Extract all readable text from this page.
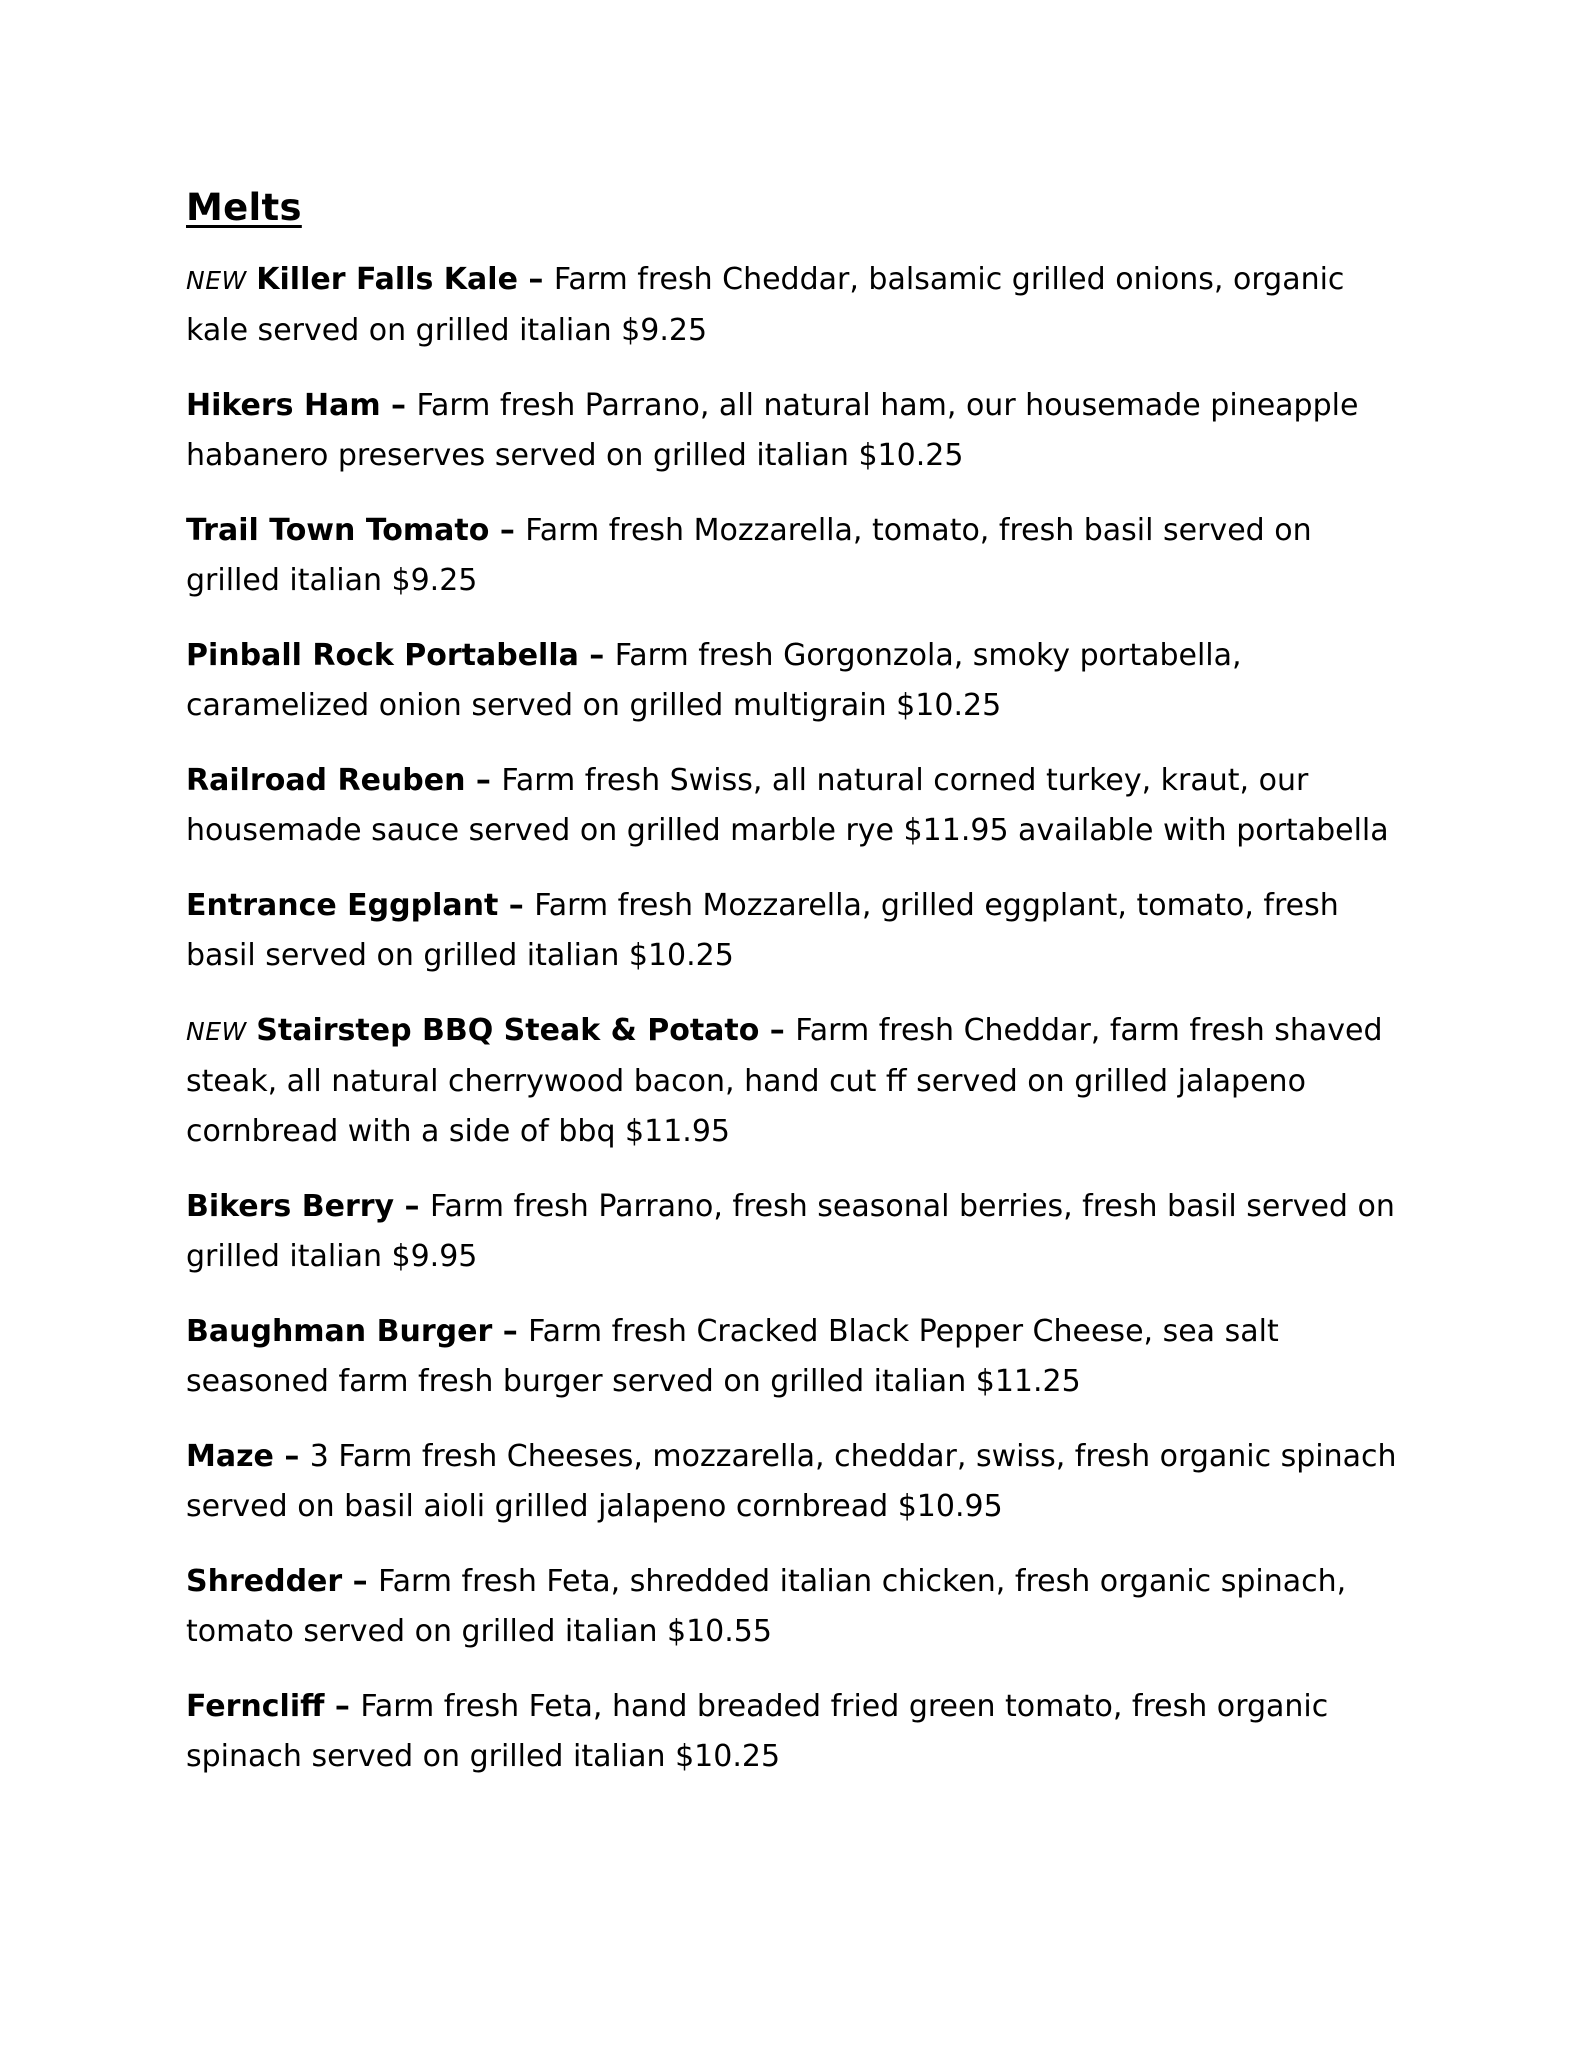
Melts

NEW Killer Falls Kale – Farm fresh Cheddar, balsamic grilled onions, organic kale served on grilled italian $9.25

Hikers Ham – Farm fresh Parrano, all natural ham, our housemade pineapple habanero preserves served on grilled italian $10.25

Trail Town Tomato – Farm fresh Mozzarella, tomato, fresh basil served on grilled italian $9.25

Pinball Rock Portabella – Farm fresh Gorgonzola, smoky portabella, caramelized onion served on grilled multigrain $10.25

Railroad Reuben – Farm fresh Swiss, all natural corned turkey, kraut, our housemade sauce served on grilled marble rye $11.95 available with portabella

Entrance Eggplant – Farm fresh Mozzarella, grilled eggplant, tomato, fresh basil served on grilled italian $10.25

NEW Stairstep BBQ Steak & Potato – Farm fresh Cheddar, farm fresh shaved steak, all natural cherrywood bacon, hand cut ff served on grilled jalapeno cornbread with a side of bbq $11.95

Bikers Berry – Farm fresh Parrano, fresh seasonal berries, fresh basil served on grilled italian $9.95

Baughman Burger – Farm fresh Cracked Black Pepper Cheese, sea salt seasoned farm fresh burger served on grilled italian $11.25

Maze – 3 Farm fresh Cheeses, mozzarella, cheddar, swiss, fresh organic spinach served on basil aioli grilled jalapeno cornbread $10.95

Shredder – Farm fresh Feta, shredded italian chicken, fresh organic spinach, tomato served on grilled italian $10.55

Ferncliff – Farm fresh Feta, hand breaded fried green tomato, fresh organic spinach served on grilled italian $10.25
